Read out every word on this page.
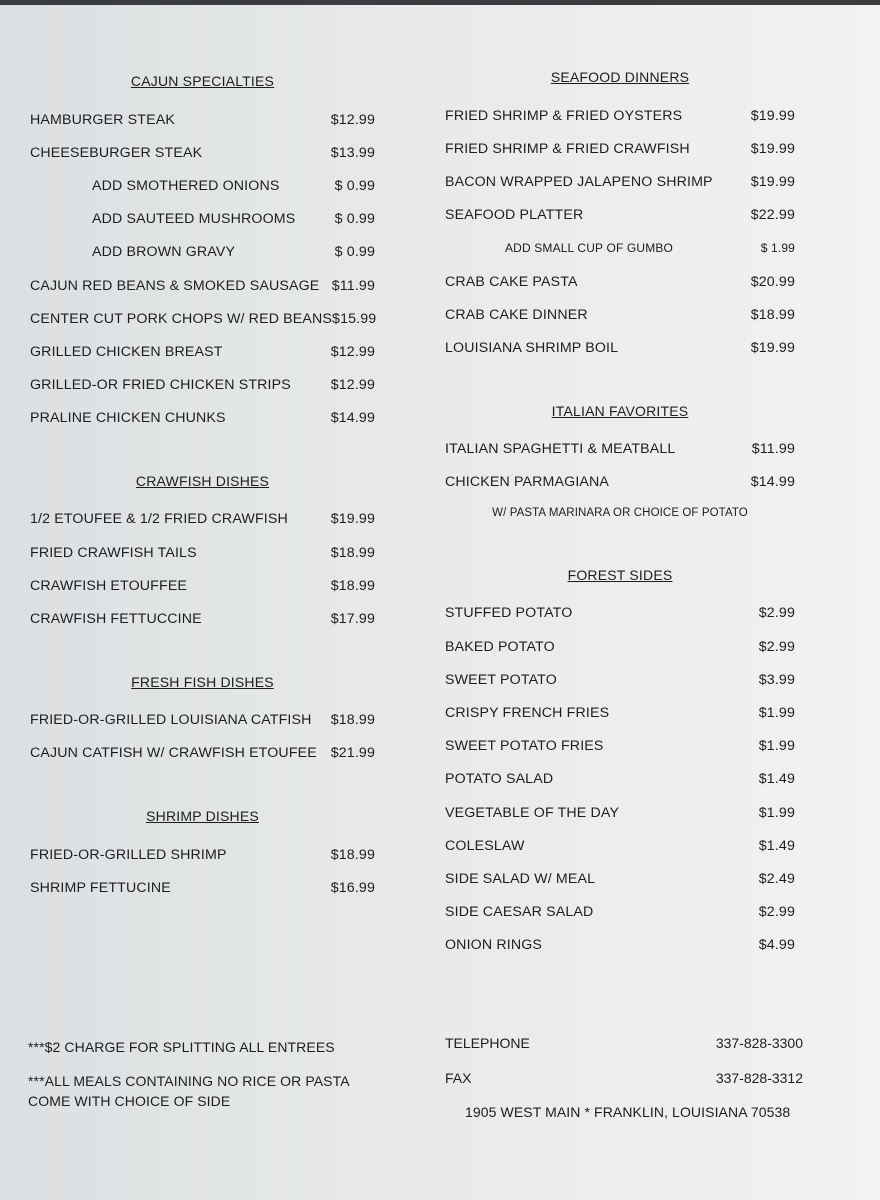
CAJUN SPECIALTIES
HAMBURGER STEAK	$12.99
CHEESEBURGER STEAK	$13.99
ADD SMOTHERED ONIONS	$ 0.99
ADD SAUTEED MUSHROOMS	$ 0.99
ADD BROWN GRAVY	$ 0.99
CAJUN RED BEANS & SMOKED SAUSAGE $11.99
CENTER CUT PORK CHOPS W/ RED BEANS $15.99
GRILLED CHICKEN BREAST	$12.99
GRILLED-OR FRIED CHICKEN STRIPS	$12.99
PRALINE CHICKEN CHUNKS	$14.99
CRAWFISH DISHES
1/2 ETOUFEE & 1/2 FRIED CRAWFISH	$19.99
FRIED CRAWFISH TAILS	$18.99
CRAWFISH ETOUFFEE	$18.99
CRAWFISH FETTUCCINE	$17.99
FRESH FISH DISHES
FRIED-OR-GRILLED LOUISIANA CATFISH $18.99
CAJUN CATFISH W/ CRAWFISH ETOUFEE $21.99
SHRIMP DISHES
FRIED-OR-GRILLED SHRIMP	$18.99
SHRIMP FETTUCINE	$16.99
SEAFOOD DINNERS
FRIED SHRIMP & FRIED OYSTERS	$19.99
FRIED SHRIMP & FRIED CRAWFISH	$19.99
BACON WRAPPED JALAPENO SHRIMP	$19.99
SEAFOOD PLATTER	$22.99
ADD SMALL CUP OF GUMBO	$ 1.99
CRAB CAKE PASTA	$20.99
CRAB CAKE DINNER	$18.99
LOUISIANA SHRIMP BOIL	$19.99
ITALIAN FAVORITES
ITALIAN SPAGHETTI & MEATBALL	$11.99
CHICKEN PARMAGIANA	$14.99
W/ PASTA MARINARA OR CHOICE OF POTATO
FOREST SIDES
STUFFED POTATO	$2.99
BAKED POTATO	$2.99
SWEET POTATO	$3.99
CRISPY FRENCH FRIES	$1.99
SWEET POTATO FRIES	$1.99
POTATO SALAD	$1.49
VEGETABLE OF THE DAY	$1.99
COLESLAW	$1.49
SIDE SALAD W/ MEAL	$2.49
SIDE CAESAR SALAD	$2.99
ONION RINGS	$4.99
***$2 CHARGE FOR SPLITTING ALL ENTREES
***ALL MEALS CONTAINING NO RICE OR PASTA
COME WITH CHOICE OF SIDE
TELEPHONE	337-828-3300
FAX	337-828-3312
1905 WEST MAIN * FRANKLIN, LOUISIANA 70538
